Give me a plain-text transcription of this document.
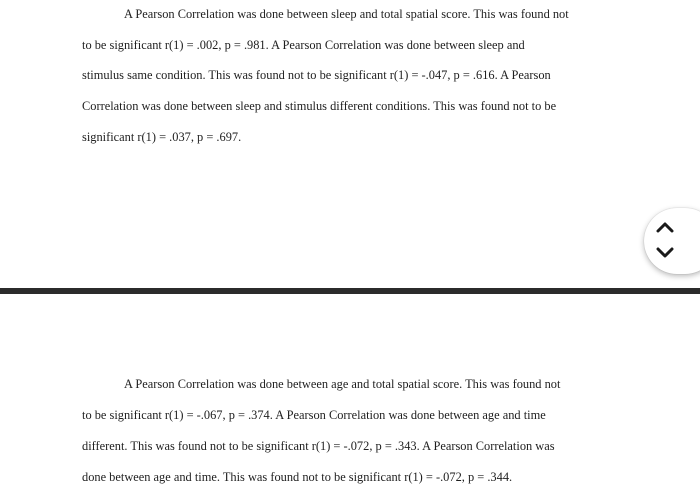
A Pearson Correlation was done between sleep and total spatial score. This was found not
to be significant r(1) = .002, p = .981. A Pearson Correlation was done between sleep and
stimulus same condition. This was found not to be significant r(1) = -.047, p = .616. A Pearson
Correlation was done between sleep and stimulus different conditions. This was found not to be
significant r(1) = .037, p = .697.
A Pearson Correlation was done between age and total spatial score. This was found not
to be significant r(1) = -.067, p = .374. A Pearson Correlation was done between age and time
different. This was found not to be significant r(1) = -.072, p = .343. A Pearson Correlation was
done between age and time. This was found not to be significant r(1) = -.072, p = .344.
